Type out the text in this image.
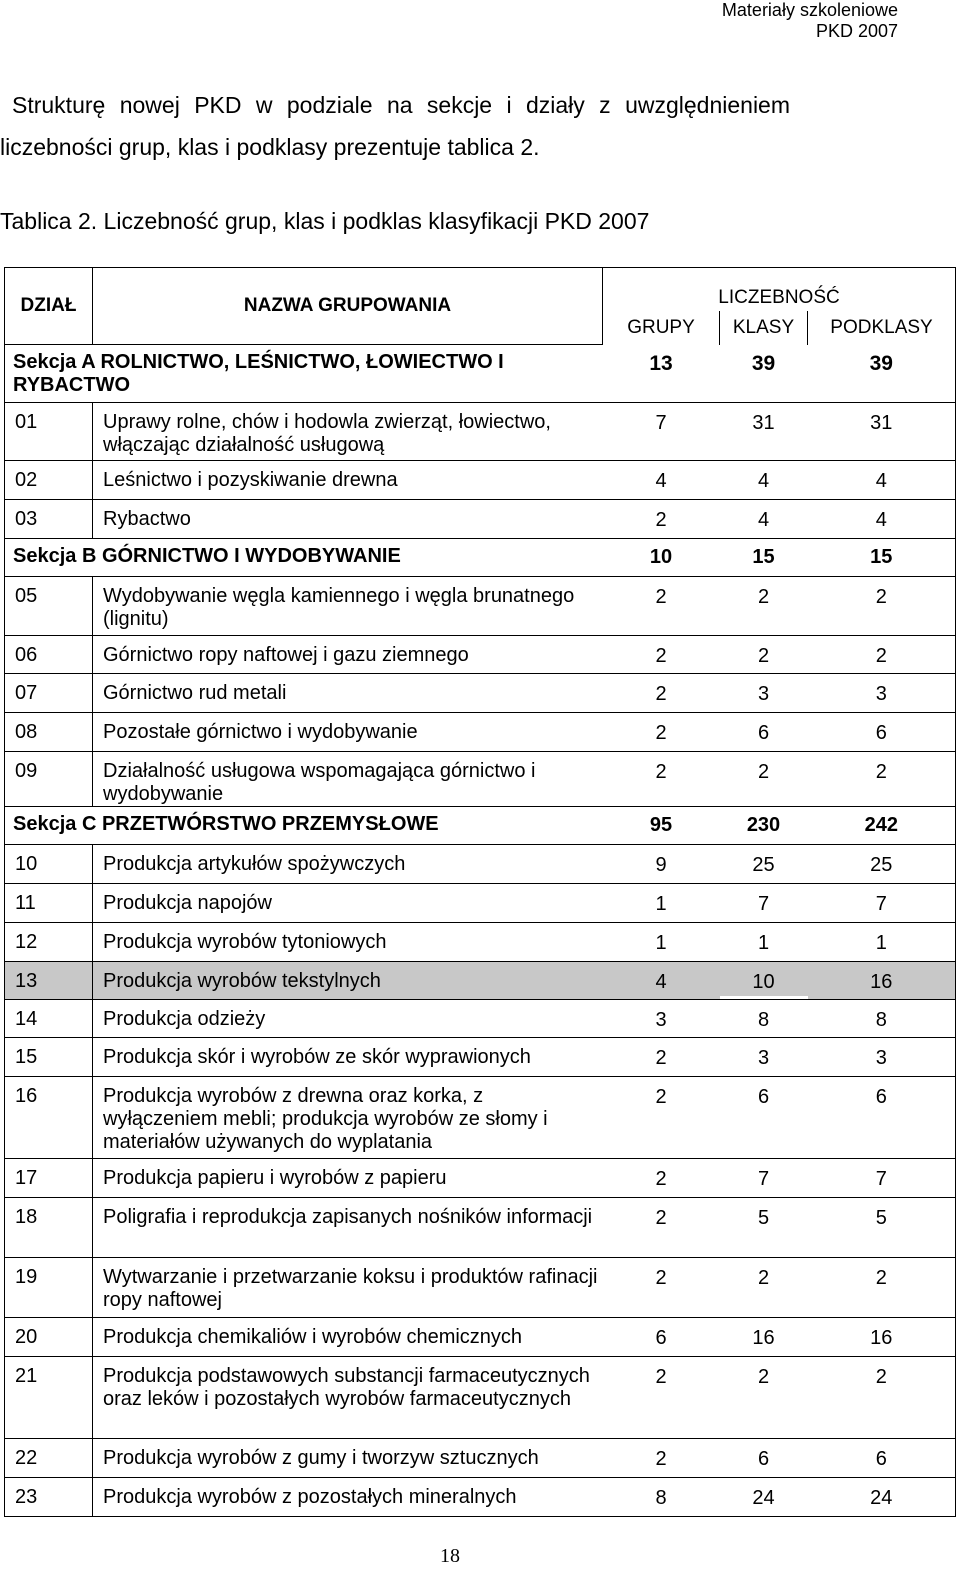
Materiały szkoleniowe
PKD 2007
Strukturę nowej PKD w podziale na sekcje i działy z uwzględnieniem
liczebności grup, klas i podklasy prezentuje tablica 2.
Tablica 2. Liczebność grup, klas i podklas klasyfikacji PKD 2007
DZIAŁ	NAZWA GRUPOWANIA	LICZEBNOŚĆ		
		GRUPY	KLASY	PODKLASY
Sekcja A ROLNICTWO, LEŚNICTWO, ŁOWIECTWO I RYBACTWO		13	39	39
01	Uprawy rolne, chów i hodowla zwierząt, łowiectwo, włączając działalność usługową	7	31	31
02	Leśnictwo i pozyskiwanie drewna	4	4	4
03	Rybactwo	2	4	4
Sekcja B GÓRNICTWO I WYDOBYWANIE		10	15	15
05	Wydobywanie węgla kamiennego i węgla brunatnego (lignitu)	2	2	2
06	Górnictwo ropy naftowej i gazu ziemnego	2	2	2
07	Górnictwo rud metali	2	3	3
08	Pozostałe górnictwo i wydobywanie	2	6	6
09	Działalność usługowa wspomagająca górnictwo i wydobywanie	2	2	2
Sekcja C PRZETWÓRSTWO PRZEMYSŁOWE		95	230	242
10	Produkcja artykułów spożywczych	9	25	25
11	Produkcja napojów	1	7	7
12	Produkcja wyrobów tytoniowych	1	1	1
13	Produkcja wyrobów tekstylnych	4	10	16
14	Produkcja odzieży	3	8	8
15	Produkcja skór i wyrobów ze skór wyprawionych	2	3	3
16	Produkcja wyrobów z drewna oraz korka, z wyłączeniem mebli; produkcja wyrobów ze słomy i materiałów używanych do wyplatania	2	6	6
17	Produkcja papieru i wyrobów z papieru	2	7	7
18	Poligrafia i reprodukcja zapisanych nośników informacji	2	5	5
19	Wytwarzanie i przetwarzanie koksu i produktów rafinacji ropy naftowej	2	2	2
20	Produkcja chemikaliów i wyrobów chemicznych	6	16	16
21	Produkcja podstawowych substancji farmaceutycznych oraz leków i pozostałych wyrobów farmaceutycznych	2	2	2
22	Produkcja wyrobów z gumy i tworzyw sztucznych	2	6	6
23	Produkcja wyrobów z pozostałych mineralnych	8	24	24
18
